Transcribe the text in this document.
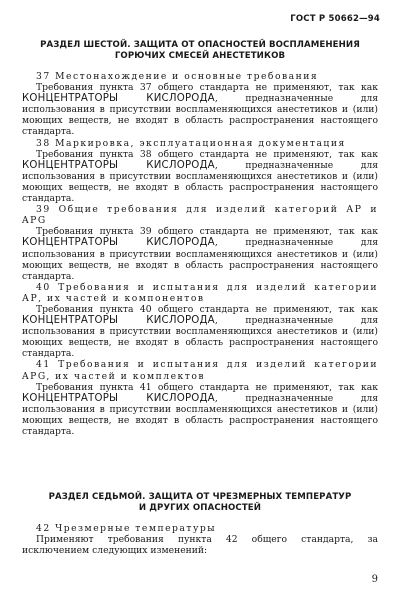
ГОСТ Р 50662—94
РАЗДЕЛ ШЕСТОЙ. ЗАЩИТА ОТ ОПАСНОСТЕЙ ВОСПЛАМЕНЕНИЯ
ГОРЮЧИХ СМЕСЕЙ АНЕСТЕТИКОВ

37 Местонахождение и основные требования

Требования пункта 37 общего стандарта не применяют, так как КОНЦЕНТРАТОРЫ КИСЛОРОДА, предназначенные для использования в присутствии воспламеняющихся анестетиков и (или) моющих веществ, не входят в область распространения настоящего стандарта.

38 Маркировка, эксплуатационная документация

Требования пункта 38 общего стандарта не применяют, так как КОНЦЕНТРАТОРЫ КИСЛОРОДА, предназначенные для использования в присутствии воспламеняющихся анестетиков и (или) моющих веществ, не входят в область распространения настоящего стандарта.

39 Общие требования для изделий категорий АР и APG

Требования пункта 39 общего стандарта не применяют, так как КОНЦЕНТРАТОРЫ КИСЛОРОДА, предназначенные для использования в присутствии воспламеняющихся анестетиков и (или) моющих веществ, не входят в область распространения настоящего стандарта.

40 Требования и испытания для изделий категории АР, их частей и компонентов

Требования пункта 40 общего стандарта не применяют, так как КОНЦЕНТРАТОРЫ КИСЛОРОДА, предназначенные для использования в присутствии воспламеняющихся анестетиков и (или) моющих веществ, не входят в область распространения настоящего стандарта.

41 Требования и испытания для изделий категории APG, их частей и комплектов

Требования пункта 41 общего стандарта не применяют, так как КОНЦЕНТРАТОРЫ КИСЛОРОДА, предназначенные для использования в присутствии воспламеняющихся анестетиков и (или) моющих веществ, не входят в область распространения настоящего стандарта.

РАЗДЕЛ СЕДЬМОЙ. ЗАЩИТА ОТ ЧРЕЗМЕРНЫХ ТЕМПЕРАТУР
И ДРУГИХ ОПАСНОСТЕЙ

42 Чрезмерные температуры

Применяют требования пункта 42 общего стандарта, за исключением следующих изменений:

9
